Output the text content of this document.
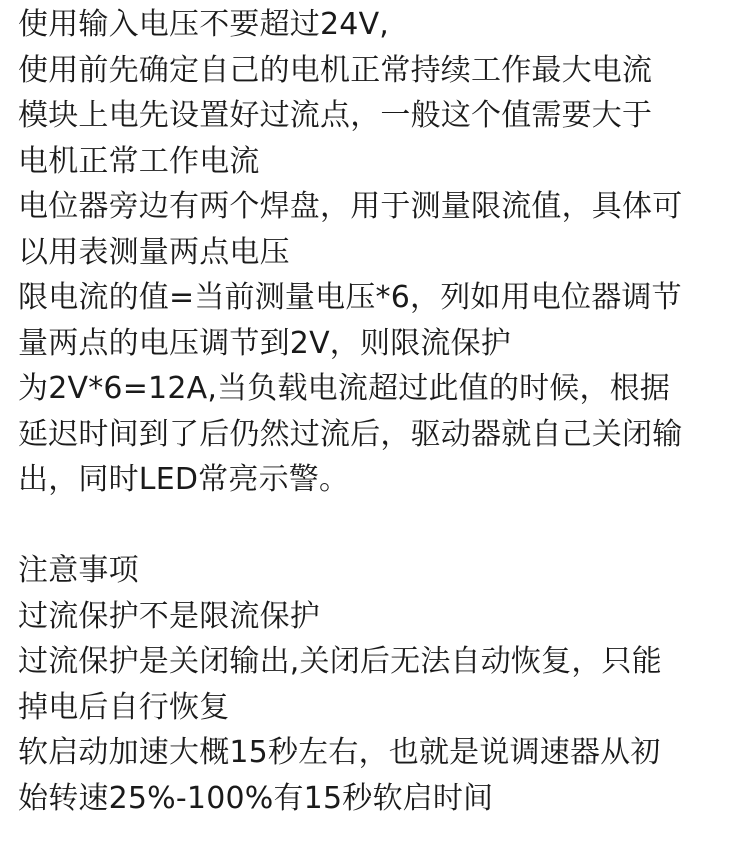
使用输入电压不要超过24V,
使用前先确定自己的电机正常持续工作最大电流
模块上电先设置好过流点，一般这个值需要大于
电机正常工作电流
电位器旁边有两个焊盘，用于测量限流值，具体可
以用表测量两点电压
限电流的值=当前测量电压*6，列如用电位器调节
量两点的电压调节到2V，则限流保护
为2V*6=12A,当负载电流超过此值的时候，根据
延迟时间到了后仍然过流后，驱动器就自己关闭输
出，同时LED常亮示警。
注意事项
过流保护不是限流保护
过流保护是关闭输出,关闭后无法自动恢复，只能
掉电后自行恢复
软启动加速大概15秒左右，也就是说调速器从初
始转速25%-100%有15秒软启时间
